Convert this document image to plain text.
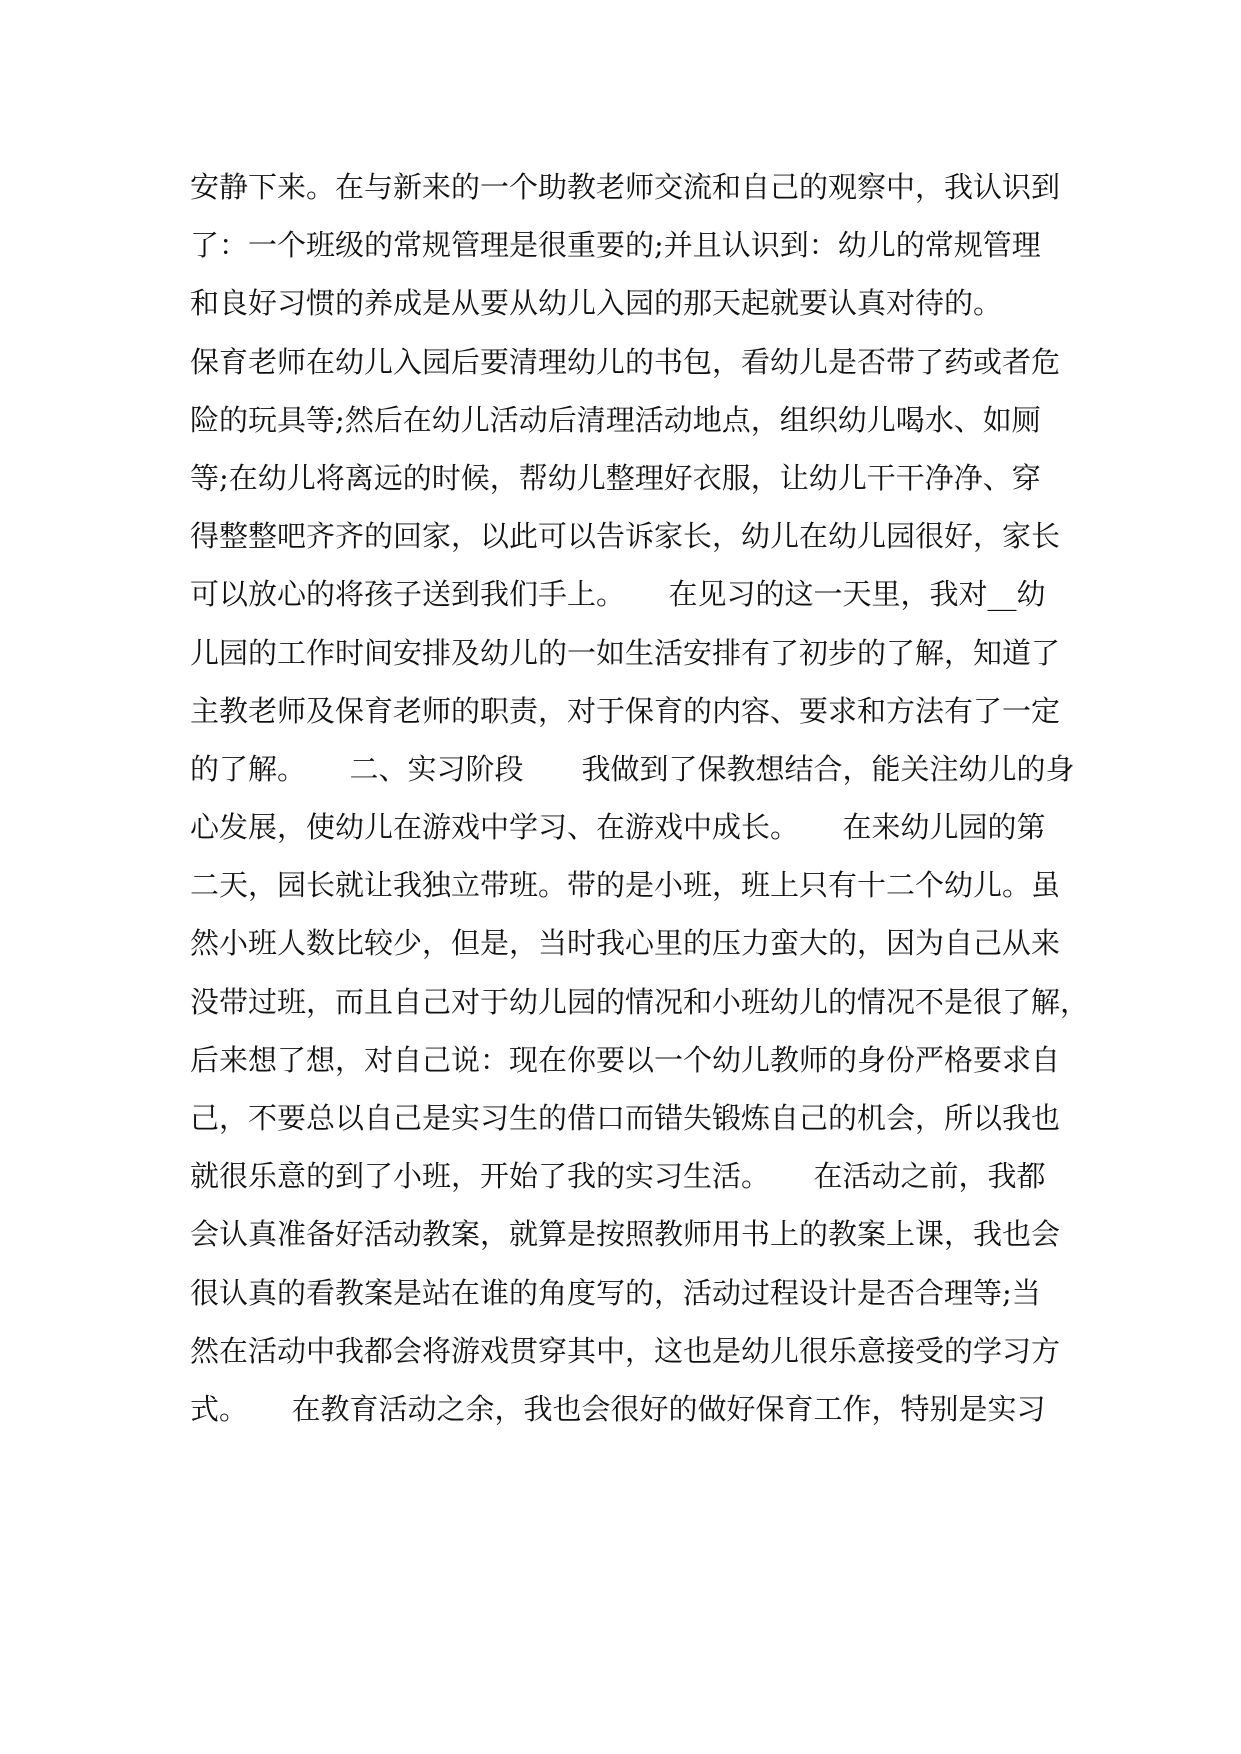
安静下来。在与新来的一个助教老师交流和自己的观察中，我认识到
了：一个班级的常规管理是很重要的;并且认识到：幼儿的常规管理
和良好习惯的养成是从要从幼儿入园的那天起就要认真对待的。
保育老师在幼儿入园后要清理幼儿的书包，看幼儿是否带了药或者危
险的玩具等;然后在幼儿活动后清理活动地点，组织幼儿喝水、如厕
等;在幼儿将离远的时候，帮幼儿整理好衣服，让幼儿干干净净、穿
得整整吧齐齐的回家，以此可以告诉家长，幼儿在幼儿园很好，家长
可以放心的将孩子送到我们手上。　　在见习的这一天里，我对__幼
儿园的工作时间安排及幼儿的一如生活安排有了初步的了解，知道了
主教老师及保育老师的职责，对于保育的内容、要求和方法有了一定
的了解。　　二、实习阶段　　我做到了保教想结合，能关注幼儿的身
心发展，使幼儿在游戏中学习、在游戏中成长。　　在来幼儿园的第
二天，园长就让我独立带班。带的是小班，班上只有十二个幼儿。虽
然小班人数比较少，但是，当时我心里的压力蛮大的，因为自己从来
没带过班，而且自己对于幼儿园的情况和小班幼儿的情况不是很了解，
后来想了想，对自己说：现在你要以一个幼儿教师的身份严格要求自
己，不要总以自己是实习生的借口而错失锻炼自己的机会，所以我也
就很乐意的到了小班，开始了我的实习生活。　　在活动之前，我都
会认真准备好活动教案，就算是按照教师用书上的教案上课，我也会
很认真的看教案是站在谁的角度写的，活动过程设计是否合理等;当
然在活动中我都会将游戏贯穿其中，这也是幼儿很乐意接受的学习方
式。　　在教育活动之余，我也会很好的做好保育工作，特别是实习
